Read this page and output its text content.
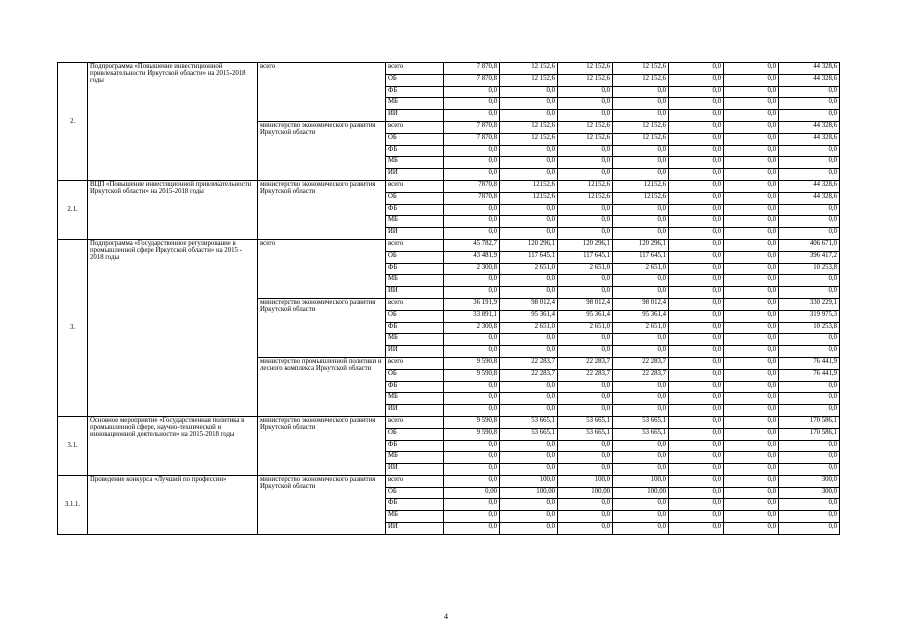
2.	Подпрограмма «Повышение инвестиционной привлекательности Иркутской области» на 2015-2018 годы	всего	всего	7 870,8	12 152,6	12 152,6	12 152,6	0,0	0,0	44 328,6
			ОБ	7 870,8	12 152,6	12 152,6	12 152,6	0,0	0,0	44 328,6
			ФБ	0,0	0,0	0,0	0,0	0,0	0,0	0,0
			МБ	0,0	0,0	0,0	0,0	0,0	0,0	0,0
			ИИ	0,0	0,0	0,0	0,0	0,0	0,0	0,0
		министерство экономического развития Иркутской области	всего	7 870,8	12 152,6	12 152,6	12 152,6	0,0	0,0	44 328,6
			ОБ	7 870,8	12 152,6	12 152,6	12 152,6	0,0	0,0	44 328,6
			ФБ	0,0	0,0	0,0	0,0	0,0	0,0	0,0
			МБ	0,0	0,0	0,0	0,0	0,0	0,0	0,0
			ИИ	0,0	0,0	0,0	0,0	0,0	0,0	0,0
2.1.	ВЦП «Повышение инвестиционной привлекательности Иркутской области» на 2015-2018 годы	министерство экономического развития Иркутской области	всего	7870,8	12152,6	12152,6	12152,6	0,0	0,0	44 328,6
			ОБ	7870,8	12152,6	12152,6	12152,6	0,0	0,0	44 328,6
			ФБ	0,0	0,0	0,0	0,0	0,0	0,0	0,0
			МБ	0,0	0,0	0,0	0,0	0,0	0,0	0,0
			ИИ	0,0	0,0	0,0	0,0	0,0	0,0	0,0
3.	Подпрограмма «Государственное регулирование в промышленной сфере Иркутской области» на 2015 - 2018 годы	всего	всего	45 782,7	120 296,1	120 296,1	120 296,1	0,0	0,0	406 671,0
			ОБ	43 481,9	117 645,1	117 645,1	117 645,1	0,0	0,0	396 417,2
			ФБ	2 300,8	2 651,0	2 651,0	2 651,0	0,0	0,0	10 253,8
			МБ	0,0	0,0	0,0	0,0	0,0	0,0	0,0
			ИИ	0,0	0,0	0,0	0,0	0,0	0,0	0,0
		министерство экономического развития Иркутской области	всего	36 191,9	98 012,4	98 012,4	98 012,4	0,0	0,0	330 229,1
			ОБ	33 891,1	95 361,4	95 361,4	95 361,4	0,0	0,0	319 975,3
			ФБ	2 300,8	2 651,0	2 651,0	2 651,0	0,0	0,0	10 253,8
			МБ	0,0	0,0	0,0	0,0	0,0	0,0	0,0
			ИИ	0,0	0,0	0,0	0,0	0,0	0,0	0,0
		министерство промышленной политики и лесного комплекса Иркутской области	всего	9 590,8	22 283,7	22 283,7	22 283,7	0,0	0,0	76 441,9
			ОБ	9 590,8	22 283,7	22 283,7	22 283,7	0,0	0,0	76 441,9
			ФБ	0,0	0,0	0,0	0,0	0,0	0,0	0,0
			МБ	0,0	0,0	0,0	0,0	0,0	0,0	0,0
			ИИ	0,0	0,0	0,0	0,0	0,0	0,0	0,0
3.1.	Основное мероприятие «Государственная политика в промышленной сфере, научно-технической и инновационной деятельности» на 2015-2018 годы	министерство экономического развития Иркутской области	всего	9 590,8	53 665,1	53 665,1	53 665,1	0,0	0,0	170 586,1
			ОБ	9 590,8	53 665,1	53 665,1	53 665,1	0,0	0,0	170 586,1
			ФБ	0,0	0,0	0,0	0,0	0,0	0,0	0,0
			МБ	0,0	0,0	0,0	0,0	0,0	0,0	0,0
			ИИ	0,0	0,0	0,0	0,0	0,0	0,0	0,0
3.1.1.	Проведение конкурса «Лучший по профессии»	министерство экономического развития Иркутской области	всего	0,0	100,0	100,0	100,0	0,0	0,0	300,0
			ОБ	0,00	100,00	100,00	100,00	0,0	0,0	300,0
			ФБ	0,0	0,0	0,0	0,0	0,0	0,0	0,0
			МБ	0,0	0,0	0,0	0,0	0,0	0,0	0,0
			ИИ	0,0	0,0	0,0	0,0	0,0	0,0	0,0
4
